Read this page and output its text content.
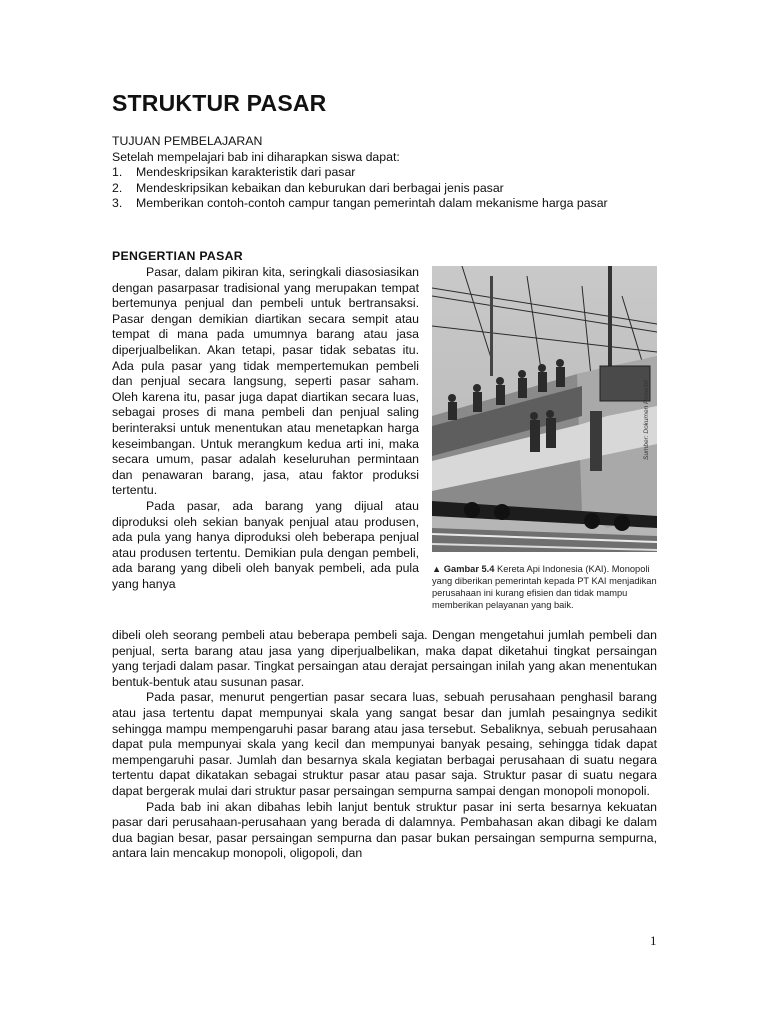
STRUKTUR PASAR
TUJUAN PEMBELAJARAN
Setelah mempelajari bab ini diharapkan siswa dapat:
1.	Mendeskripsikan karakteristik dari pasar
2.	Mendeskripsikan kebaikan dan keburukan dari berbagai jenis pasar
3.	Memberikan contoh-contoh campur tangan pemerintah dalam mekanisme harga pasar
PENGERTIAN PASAR

Pasar, dalam pikiran kita, seringkali diasosiasikan dengan pasarpasar tradisional yang merupakan tempat bertemunya penjual dan pembeli untuk bertransaksi. Pasar dengan demikian diartikan secara sempit atau tempat di mana pada umumnya barang atau jasa diperjualbelikan. Akan tetapi, pasar tidak sebatas itu. Ada pula pasar yang tidak mempertemukan pembeli dan penjual secara langsung, seperti pasar saham. Oleh karena itu, pasar juga dapat diartikan secara luas, sebagai proses di mana pembeli dan penjual saling berinteraksi untuk menentukan atau menetapkan harga keseimbangan. Untuk merangkum kedua arti ini, maka secara umum, pasar adalah keseluruhan permintaan dan penawaran barang, jasa, atau faktor produksi tertentu.

Pada pasar, ada barang yang dijual atau diproduksi oleh sekian banyak penjual atau produsen, ada pula yang hanya diproduksi oleh beberapa penjual atau produsen tertentu. Demikian pula dengan pembeli, ada barang yang dibeli oleh banyak pembeli, ada pula yang hanya

Sumber: Dokumen Penerbit
▲ Gambar 5.4 Kereta Api Indonesia (KAI). Monopoli yang diberikan pemerintah kepada PT KAI menjadikan perusahaan ini kurang efisien dan tidak mampu memberikan pelayanan yang baik.

dibeli oleh seorang pembeli atau beberapa pembeli saja. Dengan mengetahui jumlah pembeli dan penjual, serta barang atau jasa yang diperjualbelikan, maka dapat diketahui tingkat persaingan yang terjadi dalam pasar. Tingkat persaingan atau derajat persaingan inilah yang akan menentukan bentuk-bentuk atau susunan pasar.

Pada pasar, menurut pengertian pasar secara luas, sebuah perusahaan penghasil barang atau jasa tertentu dapat mempunyai skala yang sangat besar dan jumlah pesaingnya sedikit sehingga mampu mempengaruhi pasar barang atau jasa tersebut. Sebaliknya, sebuah perusahaan dapat pula mempunyai skala yang kecil dan mempunyai banyak pesaing, sehingga tidak dapat mempengaruhi pasar. Jumlah dan besarnya skala kegiatan berbagai perusahaan di suatu negara tertentu dapat dikatakan sebagai struktur pasar atau pasar saja. Struktur pasar di suatu negara dapat bergerak mulai dari struktur pasar persaingan sempurna sampai dengan monopoli monopoli.

Pada bab ini akan dibahas lebih lanjut bentuk struktur pasar ini serta besarnya kekuatan pasar dari perusahaan-perusahaan yang berada di dalamnya. Pembahasan akan dibagi ke dalam dua bagian besar, pasar persaingan sempurna dan pasar bukan persaingan sempurna sempurna, antara lain mencakup monopoli, oligopoli, dan

1
